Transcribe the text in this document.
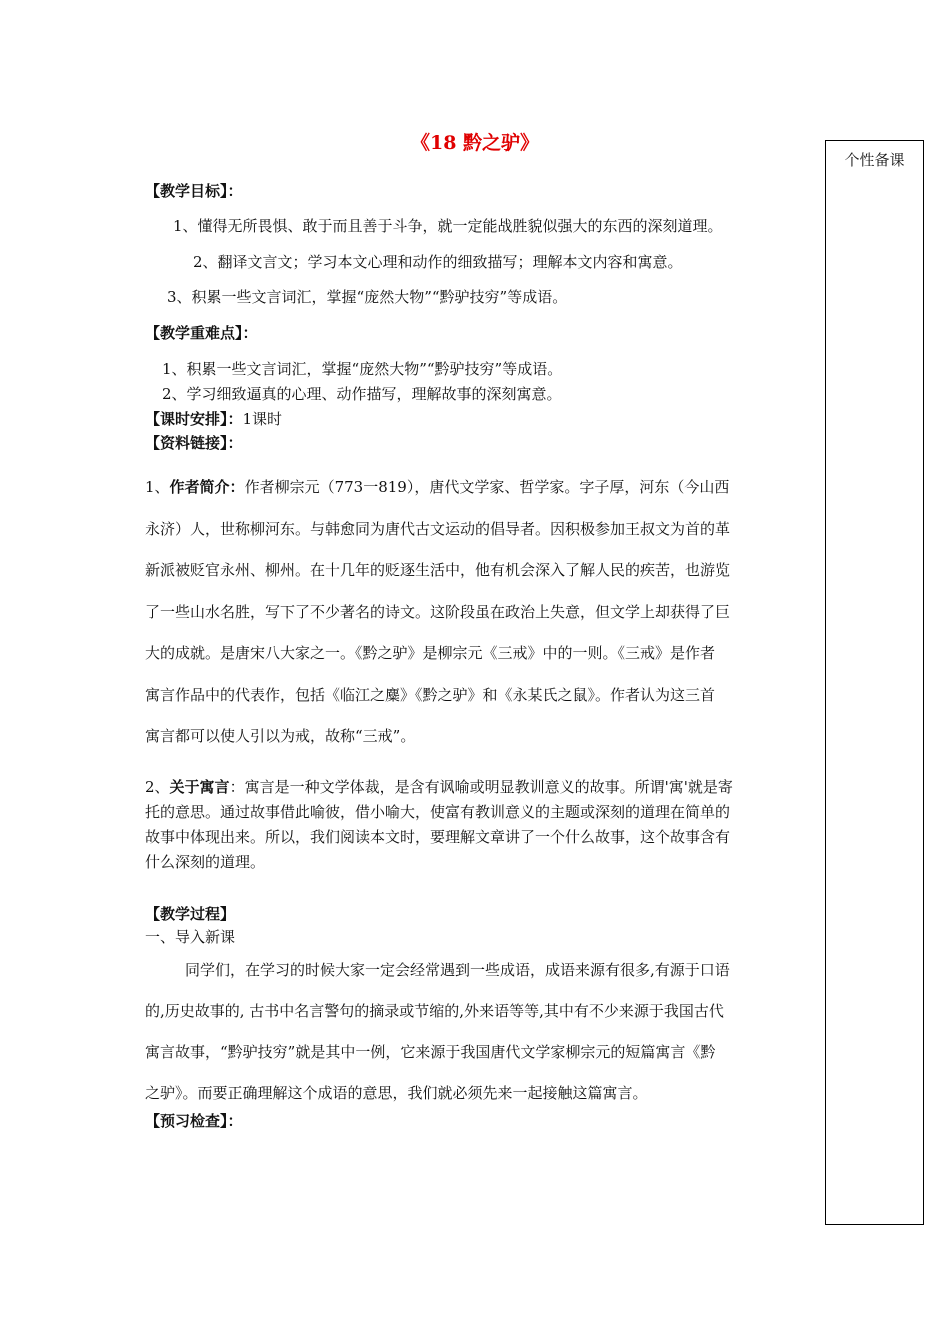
《18 黔之驴》
个性备课
【教学目标】：
1、懂得无所畏惧、敢于而且善于斗争，就一定能战胜貌似强大的东西的深刻道理。
2、翻译文言文；学习本文心理和动作的细致描写；理解本文内容和寓意。
3、积累一些文言词汇，掌握“庞然大物”“黔驴技穷”等成语。
【教学重难点】：
1、积累一些文言词汇，掌握“庞然大物”“黔驴技穷”等成语。
2、学习细致逼真的心理、动作描写，理解故事的深刻寓意。
【课时安排】：1课时
【资料链接】：
1、作者简介：作者柳宗元（773一819），唐代文学家、哲学家。字子厚，河东（今山西
永济）人，世称柳河东。与韩愈同为唐代古文运动的倡导者。因积极参加王叔文为首的革
新派被贬官永州、柳州。在十几年的贬逐生活中，他有机会深入了解人民的疾苦，也游览
了一些山水名胜，写下了不少著名的诗文。这阶段虽在政治上失意，但文学上却获得了巨
大的成就。是唐宋八大家之一。《黔之驴》是柳宗元《三戒》中的一则。《三戒》是作者
寓言作品中的代表作，包括《临江之麋》《黔之驴》和《永某氏之鼠》。作者认为这三首
寓言都可以使人引以为戒，故称“三戒”。
2、关于寓言：寓言是一种文学体裁，是含有讽喻或明显教训意义的故事。所谓'寓'就是寄
托的意思。通过故事借此喻彼，借小喻大，使富有教训意义的主题或深刻的道理在简单的
故事中体现出来。所以，我们阅读本文时，要理解文章讲了一个什么故事，这个故事含有
什么深刻的道理。
【教学过程】
一、导入新课
同学们，在学习的时候大家一定会经常遇到一些成语，成语来源有很多,有源于口语
的,历史故事的, 古书中名言警句的摘录或节缩的,外来语等等,其中有不少来源于我国古代
寓言故事，“黔驴技穷”就是其中一例，它来源于我国唐代文学家柳宗元的短篇寓言《黔
之驴》。而要正确理解这个成语的意思，我们就必须先来一起接触这篇寓言。
【预习检查】：
